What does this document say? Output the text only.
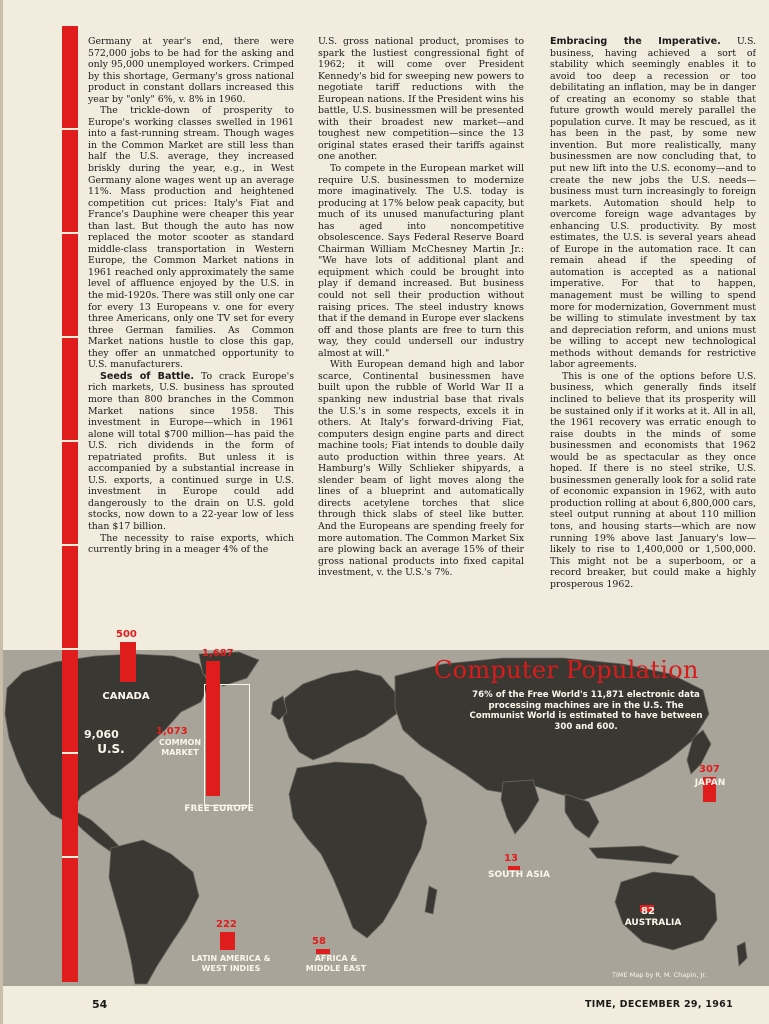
Germany at year's end, there were 572,000 jobs to be had for the asking and only 95,000 unemployed workers. Crimped by this shortage, Germany's gross national product in constant dollars increased this year by "only" 6%, v. 8% in 1960.

The trickle-down of prosperity to Europe's working classes swelled in 1961 into a fast-running stream. Though wages in the Common Market are still less than half the U.S. average, they increased briskly during the year, e.g., in West Germany alone wages went up an average 11%. Mass production and heightened competition cut prices: Italy's Fiat and France's Dauphine were cheaper this year than last. But though the auto has now replaced the motor scooter as standard middle-class transportation in Western Europe, the Common Market nations in 1961 reached only approximately the same level of affluence enjoyed by the U.S. in the mid-1920s. There was still only one car for every 13 Europeans v. one for every three Americans, only one TV set for every three German families. As Common Market nations hustle to close this gap, they offer an unmatched opportunity to U.S. manufacturers.

Seeds of Battle. To crack Europe's rich markets, U.S. business has sprouted more than 800 branches in the Common Market nations since 1958. This investment in Europe—which in 1961 alone will total $700 million—has paid the U.S. rich dividends in the form of repatriated profits. But unless it is accompanied by a substantial increase in U.S. exports, a continued surge in U.S. investment in Europe could add dangerously to the drain on U.S. gold stocks, now down to a 22-year low of less than $17 billion.

The necessity to raise exports, which currently bring in a meager 4% of the

U.S. gross national product, promises to spark the lustiest congressional fight of 1962; it will come over President Kennedy's bid for sweeping new powers to negotiate tariff reductions with the European nations. If the President wins his battle, U.S. businessmen will be presented with their broadest new market—and toughest new competition—since the 13 original states erased their tariffs against one another.

To compete in the European market will require U.S. businessmen to modernize more imaginatively. The U.S. today is producing at 17% below peak capacity, but much of its unused manufacturing plant has aged into noncompetitive obsolescence. Says Federal Reserve Board Chairman William McChesney Martin Jr.: "We have lots of additional plant and equipment which could be brought into play if demand increased. But business could not sell their production without raising prices. The steel industry knows that if the demand in Europe ever slackens off and those plants are free to turn this way, they could undersell our industry almost at will."

With European demand high and labor scarce, Continental businessmen have built upon the rubble of World War II a spanking new industrial base that rivals the U.S.'s in some respects, excels it in others. At Italy's forward-driving Fiat, computers design engine parts and direct machine tools; Fiat intends to double daily auto production within three years. At Hamburg's Willy Schlieker shipyards, a slender beam of light moves along the lines of a blueprint and automatically directs acetylene torches that slice through thick slabs of steel like butter. And the Europeans are spending freely for more automation. The Common Market Six are plowing back an average 15% of their gross national products into fixed capital investment, v. the U.S.'s 7%.

Embracing the Imperative. U.S. business, having achieved a sort of stability which seemingly enables it to avoid too deep a recession or too debilitating an inflation, may be in danger of creating an economy so stable that future growth would merely parallel the population curve. It may be rescued, as it has been in the past, by some new invention. But more realistically, many businessmen are now concluding that, to put new lift into the U.S. economy—and to create the new jobs the U.S. needs—business must turn increasingly to foreign markets. Automation should help to overcome foreign wage advantages by enhancing U.S. productivity. By most estimates, the U.S. is several years ahead of Europe in the automation race. It can remain ahead if the speeding of automation is accepted as a national imperative. For that to happen, management must be willing to spend more for modernization, Government must be willing to stimulate investment by tax and depreciation reform, and unions must be willing to accept new technological methods without demands for restrictive labor agreements.

This is one of the options before U.S. business, which generally finds itself inclined to believe that its prosperity will be sustained only if it works at it. All in all, the 1961 recovery was erratic enough to raise doubts in the minds of some businessmen and economists that 1962 would be as spectacular as they once hoped. If there is no steel strike, U.S. businessmen generally look for a solid rate of economic expansion in 1962, with auto production rolling at about 6,800,000 cars, steel output running at about 110 million tons, and housing starts—which are now running 19% above last January's low—likely to rise to 1,400,000 or 1,500,000. This might not be a superboom, or a record breaker, but could make a highly prosperous 1962.

Computer Population
76% of the Free World's 11,871 electronic data processing machines are in the U.S. The Communist World is estimated to have between 300 and 600.
9,060
U.S.
500
CANADA
1,073
COMMON MARKET
1,687
FREE EUROPE
307
JAPAN
222
LATIN AMERICA & WEST INDIES
58
AFRICA & MIDDLE EAST
13
SOUTH ASIA
82
AUSTRALIA
TIME Map by R. M. Chapin, Jr.
54	TIME, DECEMBER 29, 1961
